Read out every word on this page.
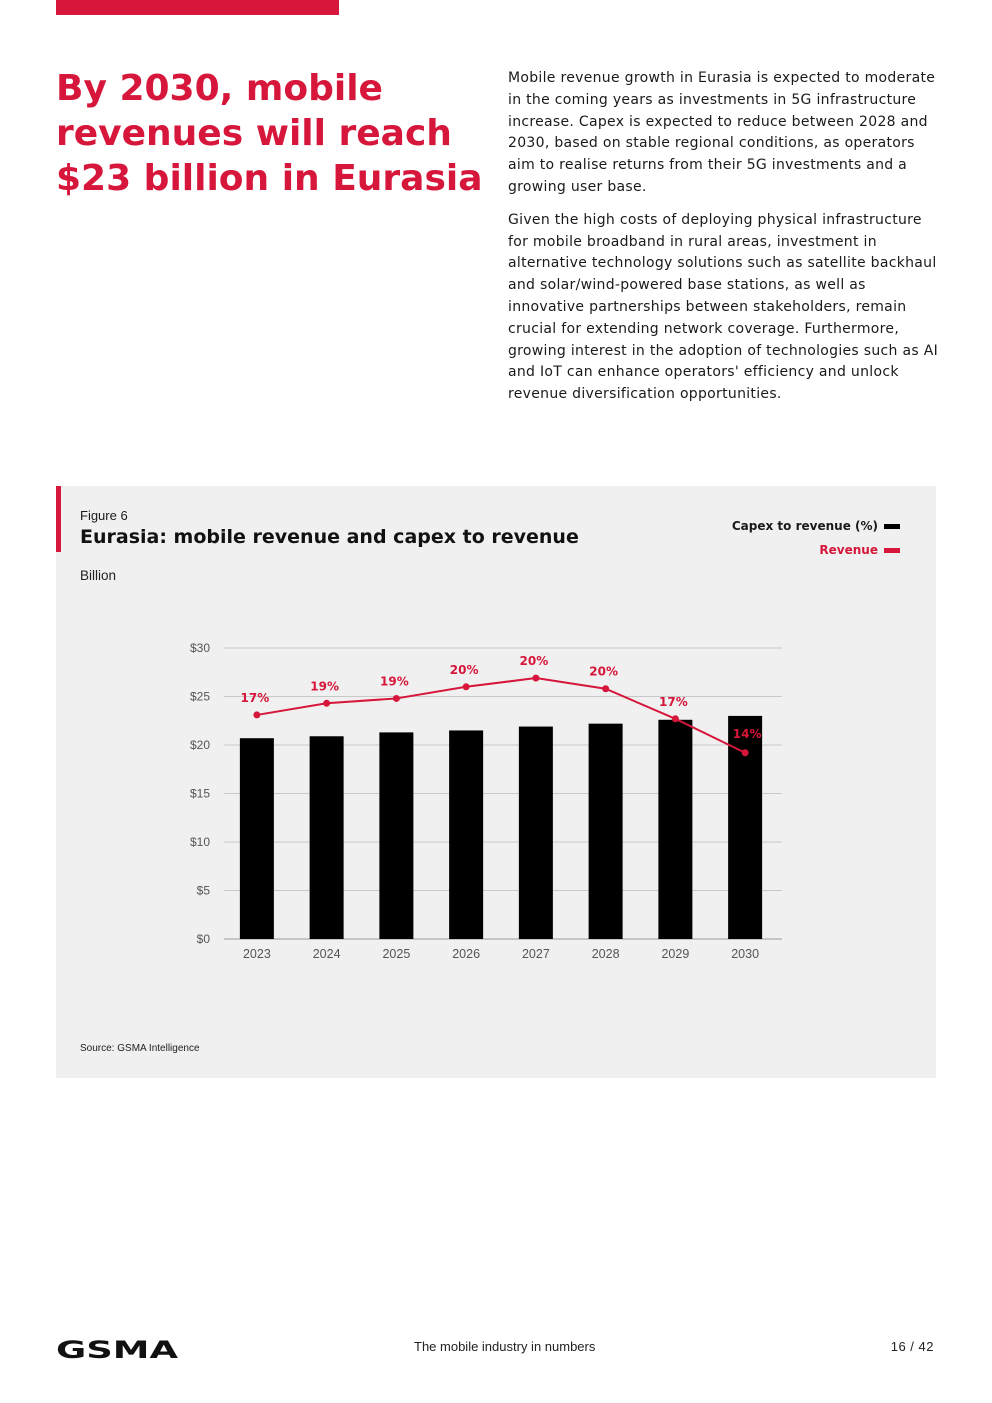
By 2030, mobile revenues will reach $23 billion in Eurasia

Mobile revenue growth in Eurasia is expected to moderate in the coming years as investments in 5G infrastructure increase. Capex is expected to reduce between 2028 and 2030, based on stable regional conditions, as operators aim to realise returns from their 5G investments and a growing user base.

Given the high costs of deploying physical infrastructure for mobile broadband in rural areas, investment in alternative technology solutions such as satellite backhaul and solar/wind-powered base stations, as well as innovative partnerships between stakeholders, remain crucial for extending network coverage. Furthermore, growing interest in the adoption of technologies such as AI and IoT can enhance operators' efficiency and unlock revenue diversification opportunities.

Figure 6
Eurasia: mobile revenue and capex to revenue
Billion
Capex to revenue (%)
Revenue
$0
$5
$10
$15
$20
$25
$30
2023	2024	2025	2026	2027	2028	2029	2030
17%
19%	19%
20%
20%
20%
17%
14%
Source: GSMA Intelligence
GSMA	The mobile industry in numbers	16 / 42
